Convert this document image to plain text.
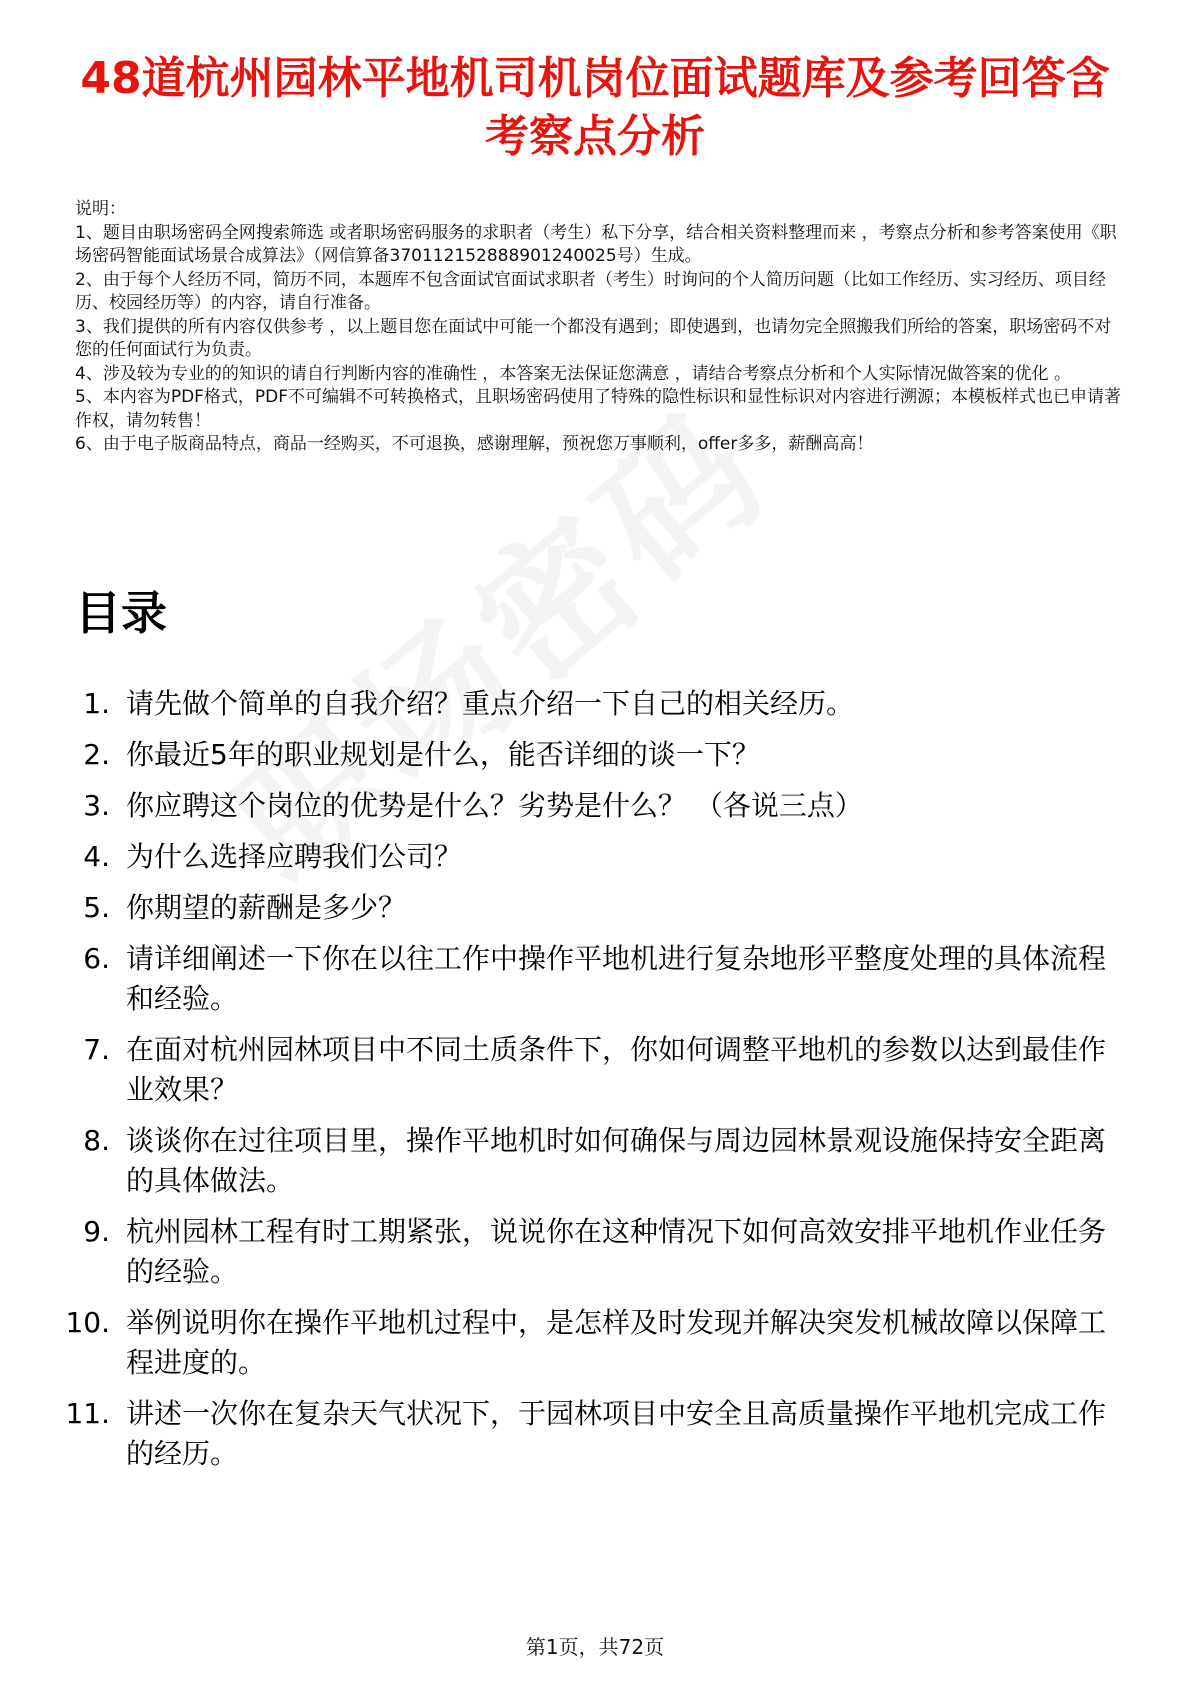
48道杭州园林平地机司机岗位面试题库及参考回答含考察点分析

说明：

1、题目由职场密码全网搜索筛选 或者职场密码服务的求职者（考生）私下分享，结合相关资料整理而来 ，考察点分析和参考答案使用《职场密码智能面试场景合成算法》（网信算备370112152888901240025号）生成。

2、由于每个人经历不同，简历不同，本题库不包含面试官面试求职者（考生）时询问的个人简历问题（比如工作经历、实习经历、项目经历、校园经历等）的内容，请自行准备。

3、我们提供的所有内容仅供参考 ，以上题目您在面试中可能一个都没有遇到；即使遇到，也请勿完全照搬我们所给的答案，职场密码不对您的任何面试行为负责。

4、涉及较为专业的的知识的请自行判断内容的准确性 ，本答案无法保证您满意 ，请结合考察点分析和个人实际情况做答案的优化 。

5、本内容为PDF格式，PDF不可编辑不可转换格式，且职场密码使用了特殊的隐性标识和显性标识对内容进行溯源；本模板样式也已申请著作权，请勿转售！

6、由于电子版商品特点，商品一经购买，不可退换，感谢理解，预祝您万事顺利，offer多多，薪酬高高！

目录
1. 请先做个简单的自我介绍？重点介绍一下自己的相关经历。
2. 你最近5年的职业规划是什么，能否详细的谈一下？
3. 你应聘这个岗位的优势是什么？劣势是什么？ （各说三点）
4. 为什么选择应聘我们公司？
5. 你期望的薪酬是多少？
6. 请详细阐述一下你在以往工作中操作平地机进行复杂地形平整度处理的具体流程和经验。
7. 在面对杭州园林项目中不同土质条件下，你如何调整平地机的参数以达到最佳作业效果？
8. 谈谈你在过往项目里，操作平地机时如何确保与周边园林景观设施保持安全距离的具体做法。
9. 杭州园林工程有时工期紧张，说说你在这种情况下如何高效安排平地机作业任务的经验。
10. 举例说明你在操作平地机过程中，是怎样及时发现并解决突发机械故障以保障工程进度的。
11. 讲述一次你在复杂天气状况下，于园林项目中安全且高质量操作平地机完成工作的经历。
第1页，共72页
